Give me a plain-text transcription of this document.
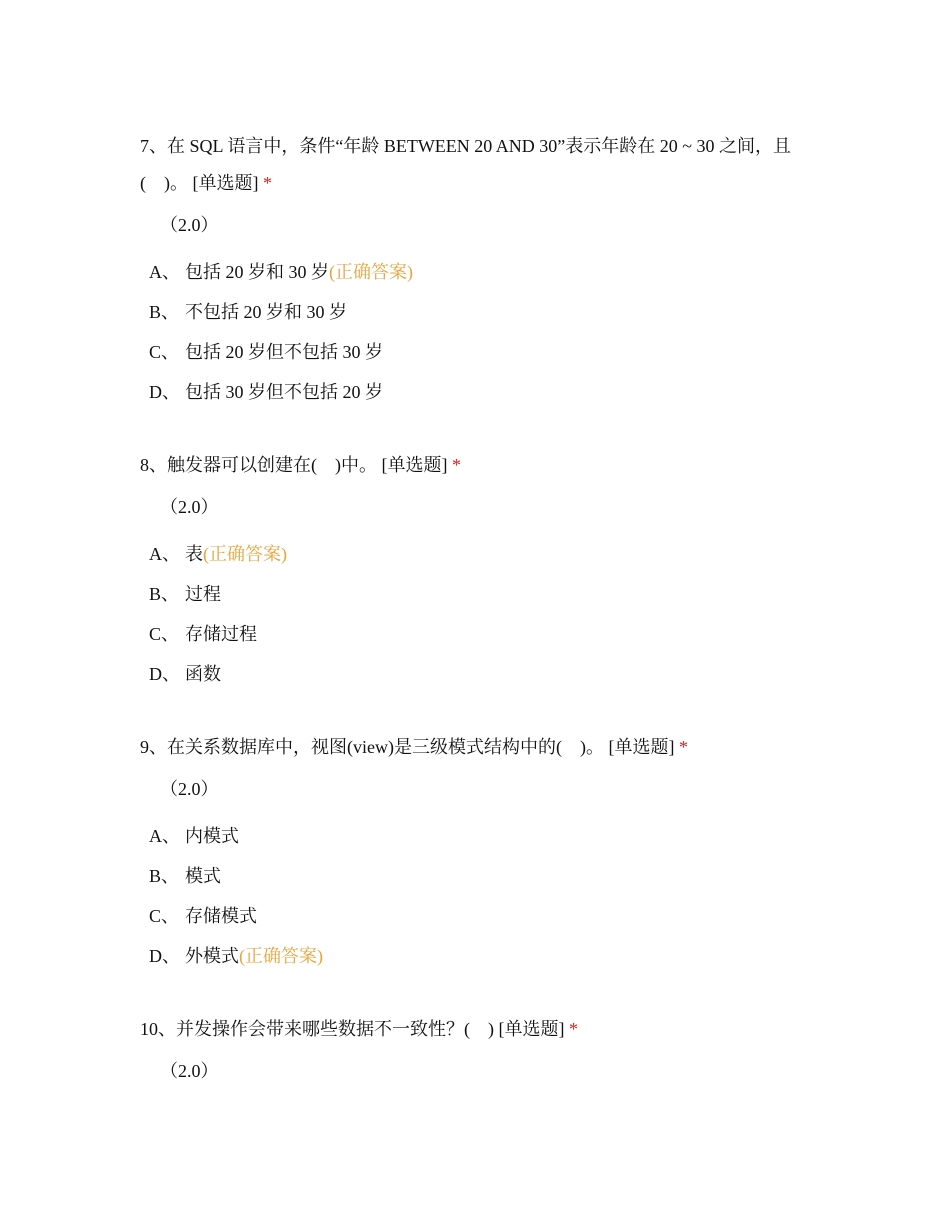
7、在 SQL 语言中，条件“年龄 BETWEEN 20 AND 30”表示年龄在 20 ~ 30 之间，且(　)。 [单选题] *

（2.0）
A、 包括 20 岁和 30 岁(正确答案)
B、 不包括 20 岁和 30 岁
C、 包括 20 岁但不包括 30 岁
D、 包括 30 岁但不包括 20 岁

8、触发器可以创建在(　)中。 [单选题] *

（2.0）
A、 表(正确答案)
B、 过程
C、 存储过程
D、 函数

9、在关系数据库中，视图(view)是三级模式结构中的(　)。 [单选题] *

（2.0）
A、 内模式
B、 模式
C、 存储模式
D、 外模式(正确答案)

10、并发操作会带来哪些数据不一致性？(　) [单选题] *

（2.0）
